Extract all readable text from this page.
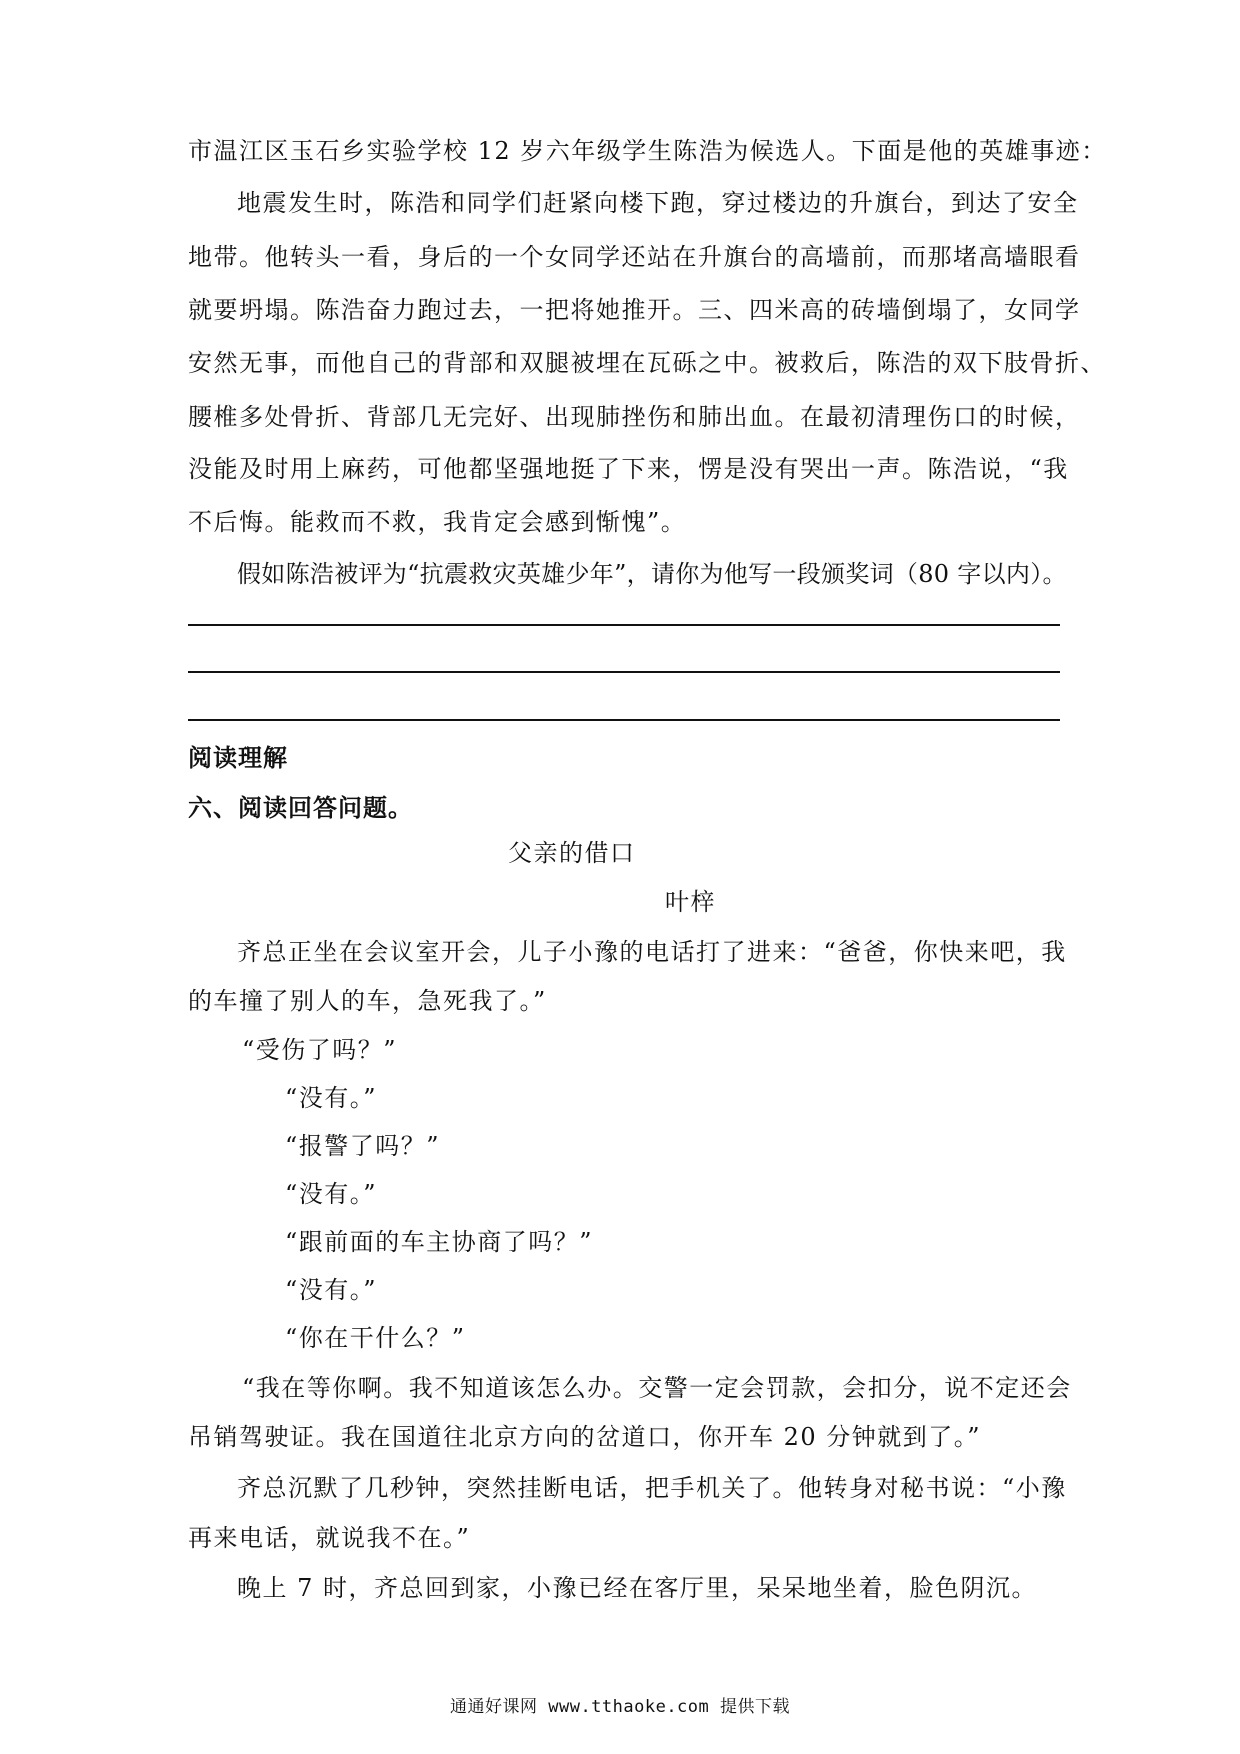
市温江区玉石乡实验学校 12 岁六年级学生陈浩为候选人。下面是他的英雄事迹：
地震发生时，陈浩和同学们赶紧向楼下跑，穿过楼边的升旗台，到达了安全
地带。他转头一看，身后的一个女同学还站在升旗台的高墙前，而那堵高墙眼看
就要坍塌。陈浩奋力跑过去，一把将她推开。三、四米高的砖墙倒塌了，女同学
安然无事，而他自己的背部和双腿被埋在瓦砾之中。被救后，陈浩的双下肢骨折、
腰椎多处骨折、背部几无完好、出现肺挫伤和肺出血。在最初清理伤口的时候，
没能及时用上麻药，可他都坚强地挺了下来，愣是没有哭出一声。陈浩说，“我
不后悔。能救而不救，我肯定会感到惭愧”。
假如陈浩被评为“抗震救灾英雄少年”，请你为他写一段颁奖词（80 字以内）。
阅读理解
六、阅读回答问题。
父亲的借口
叶梓
齐总正坐在会议室开会，儿子小豫的电话打了进来：“爸爸，你快来吧，我
的车撞了别人的车，急死我了。”
“受伤了吗？”
“没有。”
“报警了吗？”
“没有。”
“跟前面的车主协商了吗？”
“没有。”
“你在干什么？”
“我在等你啊。我不知道该怎么办。交警一定会罚款，会扣分，说不定还会
吊销驾驶证。我在国道往北京方向的岔道口，你开车 20 分钟就到了。”
齐总沉默了几秒钟，突然挂断电话，把手机关了。他转身对秘书说：“小豫
再来电话，就说我不在。”
晚上 7 时，齐总回到家，小豫已经在客厅里，呆呆地坐着，脸色阴沉。
通通好课网 www.tthaoke.com 提供下载
